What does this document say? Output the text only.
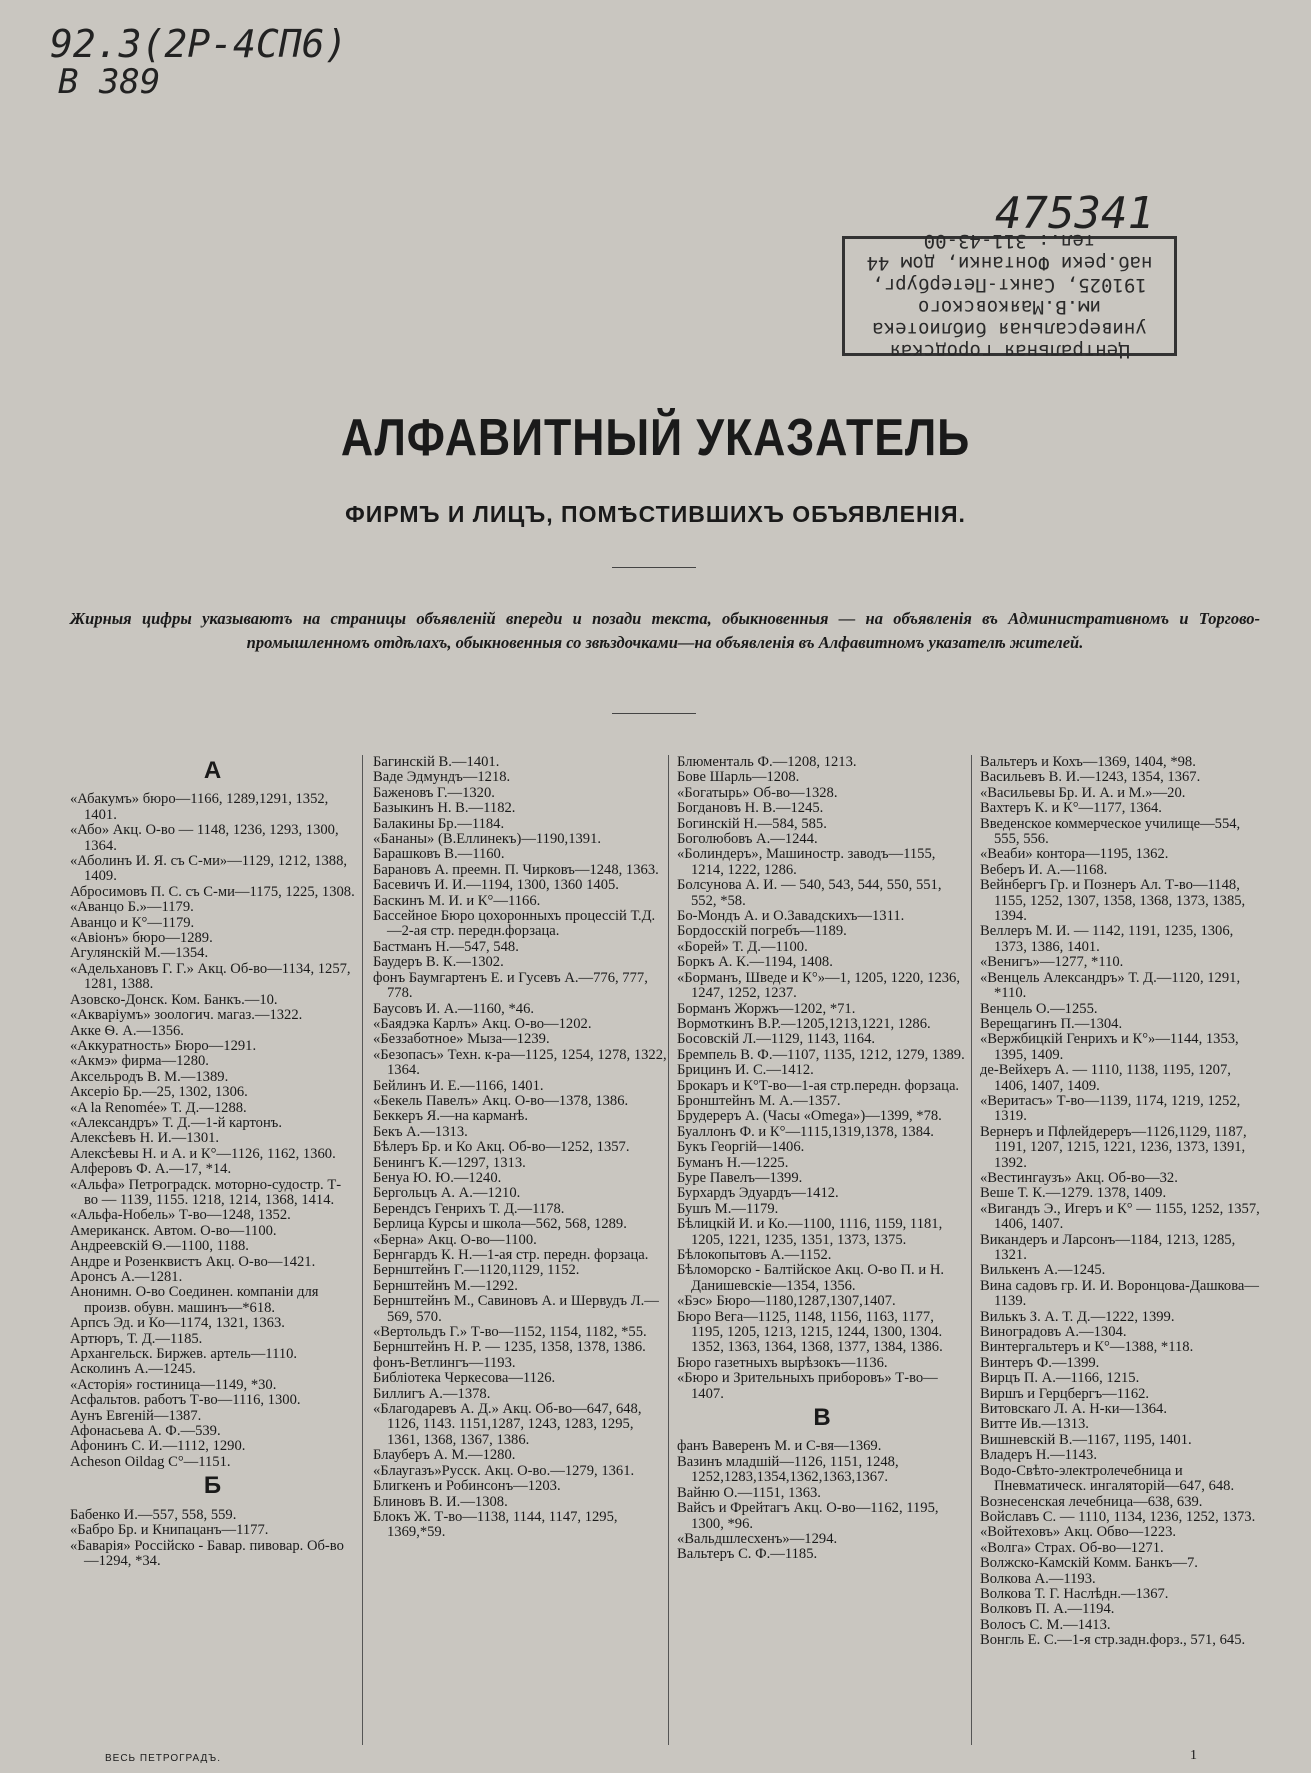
92.3(2Р-4СП6)
В 389
475341
Центральная городская
универсальная библиотека
им.В.Маяковского
191025, Санкт-Петербург,
наб.реки Фонтанки, дом 44
тел.: 311-43-00
АЛФАВИТНЫЙ УКАЗАТЕЛЬ
ФИРМЪ И ЛИЦЪ, ПОМѢСТИВШИХЪ ОБЪЯВЛЕНІЯ.
Жирныя цифры указываютъ на страницы объявленій впереди и позади текста, обыкновенныя — на объявленія въ Административномъ и Торгово-промышленномъ отдѣлахъ, обыкновенныя со звѣздочками—на объявленія въ Алфавитномъ указателѣ жителей.
А

«Абакумъ» бюро—1166, 1289,1291, 1352, 1401.

«Або» Акц. О-во — 1148, 1236, 1293, 1300, 1364.

«Аболинъ И. Я. съ С-ми»—1129, 1212, 1388, 1409.

Абросимовъ П. С. съ С-ми—1175, 1225, 1308.

«Аванцо Б.»—1179.

Аванцо и К°—1179.

«Авіонъ» бюро—1289.

Агулянскій М.—1354.

«Адельхановъ Г. Г.» Акц. Об-во—1134, 1257, 1281, 1388.

Азовско-Донск. Ком. Банкъ.—10.

«Акваріумъ» зоологич. магаз.—1322.

Акке Ѳ. А.—1356.

«Аккуратность» Бюро—1291.

«Акмэ» фирма—1280.

Аксельродъ В. М.—1389.

Аксеріо Бр.—25, 1302, 1306.

«A la Renomée» Т. Д.—1288.

«Александръ» Т. Д.—1-й картонъ.

Алексѣевъ Н. И.—1301.

Алексѣевы Н. и А. и К°—1126, 1162, 1360.

Алферовъ Ф. А.—17, *14.

«Альфа» Петроградск. моторно-судостр. Т-во — 1139, 1155. 1218, 1214, 1368, 1414.

«Альфа-Нобель» Т-во—1248, 1352.

Американск. Автом. О-во—1100.

Андреевскій Ѳ.—1100, 1188.

Андре и Розенквистъ Акц. О-во—1421.

Аронсъ А.—1281.

Анонимн. О-во Соединен. компаніи для произв. обувн. машинъ—*618.

Арпсъ Эд. и Ко—1174, 1321, 1363.

Артюръ, Т. Д.—1185.

Архангельск. Биржев. артель—1110.

Асколинъ А.—1245.

«Асторія» гостиница—1149, *30.

Асфальтов. работъ Т-во—1116, 1300.

Аунъ Евгеній—1387.

Афонасьева А. Ф.—539.

Афонинъ С. И.—1112, 1290.

Acheson Oildag C°—1151.

Б

Бабенко И.—557, 558, 559.

«Бабро Бр. и Книпацанъ—1177.

«Баварія» Россійско - Бавар. пивовар. Об-во—1294, *34.

Багинскій В.—1401.

Ваде Эдмундъ—1218.

Баженовъ Г.—1320.

Базыкинъ Н. В.—1182.

Балакины Бр.—1184.

«Бананы» (В.Еллинекъ)—1190,1391.

Барашковъ В.—1160.

Барановъ А. преемн. П. Чирковъ—1248, 1363.

Басевичъ И. И.—1194, 1300, 1360 1405.

Баскинъ М. И. и К°—1166.

Бассейное Бюро цохоронныхъ процессій Т.Д.—2-ая стр. передн.форзаца.

Бастманъ Н.—547, 548.

Баудеръ В. К.—1302.

фонъ Баумгартенъ Е. и Гусевъ А.—776, 777, 778.

Баусовъ И. А.—1160, *46.

«Баядэка Карлъ» Акц. О-во—1202.

«Беззаботное» Мыза—1239.

«Безопасъ» Техн. к-ра—1125, 1254, 1278, 1322, 1364.

Бейлинъ И. Е.—1166, 1401.

«Бекель Павелъ» Акц. О-во—1378, 1386.

Беккеръ Я.—на карманѣ.

Бекъ А.—1313.

Бѣлеръ Бр. и Ко Акц. Об-во—1252, 1357.

Бенингъ К.—1297, 1313.

Бенуа Ю. Ю.—1240.

Бергольцъ А. А.—1210.

Берендсъ Генрихъ Т. Д.—1178.

Берлица Курсы и школа—562, 568, 1289.

«Берна» Акц. О-во—1100.

Бернгардъ К. Н.—1-ая стр. передн. форзаца.

Бернштейнъ Г.—1120,1129, 1152.

Бернштейнъ М.—1292.

Бернштейнъ М., Савиновъ А. и Шервудъ Л.—569, 570.

«Вертольдъ Г.» Т-во—1152, 1154, 1182, *55.

Бернштейнъ Н. Р. — 1235, 1358, 1378, 1386.

фонъ-Ветлингъ—1193.

Библіотека Черкесова—1126.

Биллигъ А.—1378.

«Благодаревъ А. Д.» Акц. Об-во—647, 648, 1126, 1143. 1151,1287, 1243, 1283, 1295, 1361, 1368, 1367, 1386.

Блауберъ А. М.—1280.

«Блаугазъ»Русск. Акц. О-во.—1279, 1361.

Блигкенъ и Робинсонъ—1203.

Блиновъ В. И.—1308.

Блокъ Ж. Т-во—1138, 1144, 1147, 1295, 1369,*59.

Блюменталь Ф.—1208, 1213.

Бове Шарль—1208.

«Богатырь» Об-во—1328.

Богдановъ Н. В.—1245.

Богинскій Н.—584, 585.

Боголюбовъ А.—1244.

«Болиндеръ», Машиностр. заводъ—1155, 1214, 1222, 1286.

Болсунова А. И. — 540, 543, 544, 550, 551, 552, *58.

Бо-Мондъ А. и О.Завадскихъ—1311.

Бордосскій погребъ—1189.

«Борей» Т. Д.—1100.

Боркъ А. К.—1194, 1408.

«Борманъ, Шведе и К°»—1, 1205, 1220, 1236, 1247, 1252, 1237.

Борманъ Жоржъ—1202, *71.

Вормоткинъ В.Р.—1205,1213,1221, 1286.

Босовскій Л.—1129, 1143, 1164.

Бремпель В. Ф.—1107, 1135, 1212, 1279, 1389.

Брицинъ И. С.—1412.

Брокаръ и К°Т-во—1-ая стр.передн. форзаца.

Бронштейнъ М. А.—1357.

Брудереръ А. (Часы «Omega»)—1399, *78.

Буаллонъ Ф. и К°—1115,1319,1378, 1384.

Букъ Георгій—1406.

Буманъ Н.—1225.

Буре Павелъ—1399.

Бурхардъ Эдуардъ—1412.

Бушъ М.—1179.

Бѣлицкій И. и Ко.—1100, 1116, 1159, 1181, 1205, 1221, 1235, 1351, 1373, 1375.

Бѣлокопытовъ А.—1152.

Бѣломорско - Балтійское Акц. О-во П. и Н. Данишевскіе—1354, 1356.

«Бэс» Бюро—1180,1287,1307,1407.

Бюро Вега—1125, 1148, 1156, 1163, 1177, 1195, 1205, 1213, 1215, 1244, 1300, 1304. 1352, 1363, 1364, 1368, 1377, 1384, 1386.

Бюро газетныхъ вырѣзокъ—1136.

«Бюро и Зрительныхъ приборовъ» Т-во—1407.

В

фанъ Ваверенъ М. и С-вя—1369.

Вазинъ младшій—1126, 1151, 1248, 1252,1283,1354,1362,1363,1367.

Вайню О.—1151, 1363.

Вайсъ и Фрейтагъ Акц. О-во—1162, 1195, 1300, *96.

«Вальдшлесхенъ»—1294.

Вальтеръ С. Ф.—1185.

Вальтеръ и Кохъ—1369, 1404, *98.

Васильевъ В. И.—1243, 1354, 1367.

«Васильевы Бр. И. А. и М.»—20.

Вахтеръ К. и К°—1177, 1364.

Введенское коммерческое училище—554, 555, 556.

«Веаби» контора—1195, 1362.

Веберъ И. А.—1168.

Вейнбергъ Гр. и Познеръ Ал. Т-во—1148, 1155, 1252, 1307, 1358, 1368, 1373, 1385, 1394.

Веллеръ М. И. — 1142, 1191, 1235, 1306, 1373, 1386, 1401.

«Венигъ»—1277, *110.

«Венцель Александръ» Т. Д.—1120, 1291, *110.

Венцель О.—1255.

Верещагинъ П.—1304.

«Вержбицкій Генрихъ и К°»—1144, 1353, 1395, 1409.

де-Вейхеръ А. — 1110, 1138, 1195, 1207, 1406, 1407, 1409.

«Веритасъ» Т-во—1139, 1174, 1219, 1252, 1319.

Вернеръ и Пфлейдереръ—1126,1129, 1187, 1191, 1207, 1215, 1221, 1236, 1373, 1391, 1392.

«Вестингаузъ» Акц. Об-во—32.

Веше Т. К.—1279. 1378, 1409.

«Вигандъ Э., Игеръ и К° — 1155, 1252, 1357, 1406, 1407.

Викандеръ и Ларсонъ—1184, 1213, 1285, 1321.

Вилькенъ А.—1245.

Вина садовъ гр. И. И. Воронцова-Дашкова—1139.

Вилькъ З. А. Т. Д.—1222, 1399.

Виноградовъ А.—1304.

Винтергальтеръ и К°—1388, *118.

Винтеръ Ф.—1399.

Вирцъ П. А.—1166, 1215.

Виршъ и Герцбергъ—1162.

Витовскаго Л. А. Н-ки—1364.

Витте Ив.—1313.

Вишневскій В.—1167, 1195, 1401.

Владеръ Н.—1143.

Водо-Свѣто-электролечебница и Пневматическ. ингаляторій—647, 648.

Вознесенская лечебница—638, 639.

Войславъ С. — 1110, 1134, 1236, 1252, 1373.

«Войтеховъ» Акц. Обво—1223.

«Волга» Страх. Об-во—1271.

Волжско-Камскій Комм. Банкъ—7.

Волкова А.—1193.

Волкова Т. Г. Наслѣдн.—1367.

Волковъ П. А.—1194.

Волосъ С. М.—1413.

Вонгль Е. С.—1-я стр.задн.форз., 571, 645.

ВЕСЬ ПЕТРОГРАДЪ.	1
